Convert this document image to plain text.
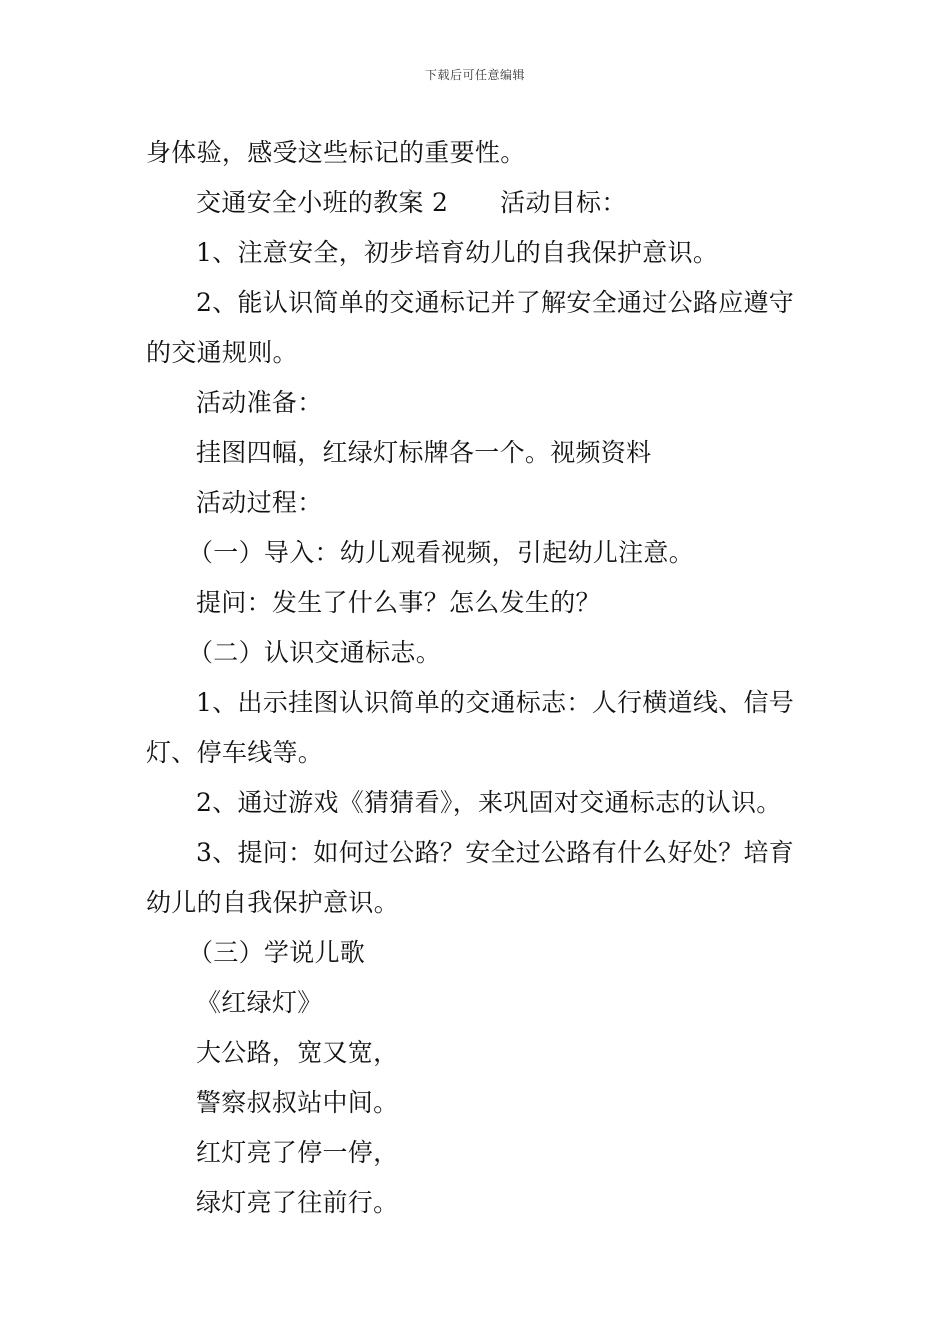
下载后可任意编辑
身体验，感受这些标记的重要性。
交通安全小班的教案 2 活动目标：
1、注意安全，初步培育幼儿的自我保护意识。
2、能认识简单的交通标记并了解安全通过公路应遵守
的交通规则。
活动准备：
挂图四幅，红绿灯标牌各一个。视频资料
活动过程：
（一）导入：幼儿观看视频，引起幼儿注意。
提问：发生了什么事？怎么发生的？
（二）认识交通标志。
1、出示挂图认识简单的交通标志：人行横道线、信号
灯、停车线等。
2、通过游戏《猜猜看》，来巩固对交通标志的认识。
3、提问：如何过公路？安全过公路有什么好处？培育
幼儿的自我保护意识。
（三）学说儿歌
《红绿灯》
大公路，宽又宽，
警察叔叔站中间。
红灯亮了停一停，
绿灯亮了往前行。
